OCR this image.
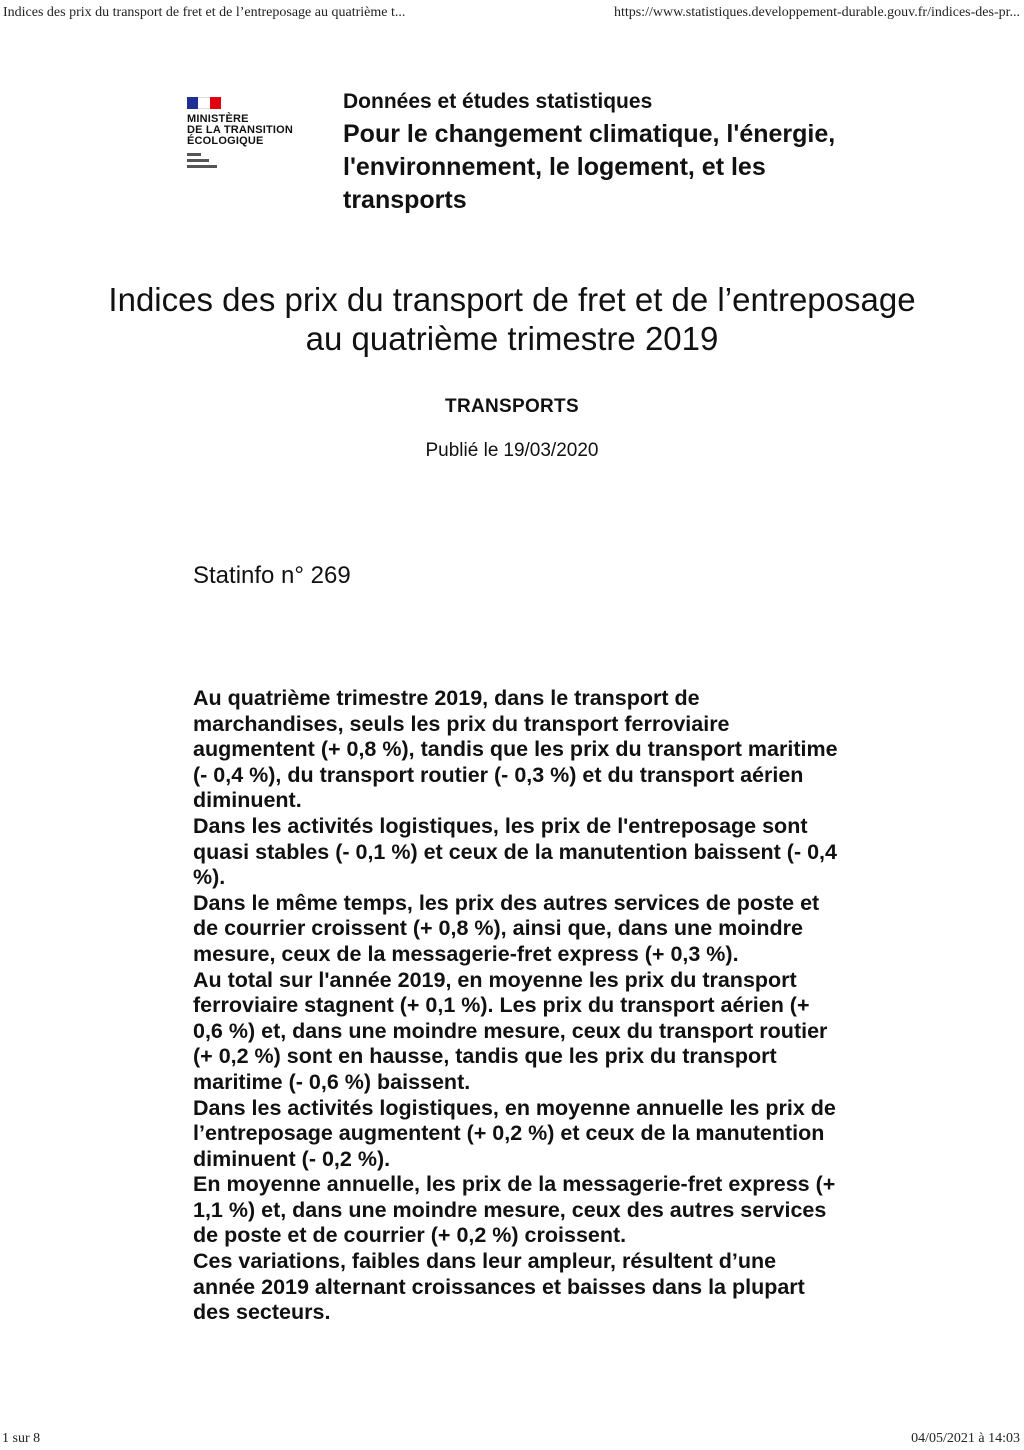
Indices des prix du transport de fret et de l’entreposage au quatrième t...	https://www.statistiques.developpement-durable.gouv.fr/indices-des-pr...
MINISTÈRE
DE LA TRANSITION
ÉCOLOGIQUE
Données et études statistiques
Pour le changement climatique, l'énergie, l'environnement, le logement, et les transports
Indices des prix du transport de fret et de l’entreposage
au quatrième trimestre 2019
TRANSPORTS
Publié le 19/03/2020
Statinfo n° 269

Au quatrième trimestre 2019, dans le transport de marchandises, seuls les prix du transport ferroviaire augmentent (+ 0,8 %), tandis que les prix du transport maritime (- 0,4 %), du transport routier (- 0,3 %) et du transport aérien diminuent.

Dans les activités logistiques, les prix de l'entreposage sont quasi stables (- 0,1 %) et ceux de la manutention baissent (- 0,4 %).

Dans le même temps, les prix des autres services de poste et de courrier croissent (+ 0,8 %), ainsi que, dans une moindre mesure, ceux de la messagerie-fret express (+ 0,3 %).

Au total sur l'année 2019, en moyenne les prix du transport ferroviaire stagnent (+ 0,1 %). Les prix du transport aérien (+ 0,6 %) et, dans une moindre mesure, ceux du transport routier (+ 0,2 %) sont en hausse, tandis que les prix du transport maritime (- 0,6 %) baissent.

Dans les activités logistiques, en moyenne annuelle les prix de l’entreposage augmentent (+ 0,2 %) et ceux de la manutention diminuent (- 0,2 %).

En moyenne annuelle, les prix de la messagerie-fret express (+ 1,1 %) et, dans une moindre mesure, ceux des autres services de poste et de courrier (+ 0,2 %) croissent.

Ces variations, faibles dans leur ampleur, résultent d’une année 2019 alternant croissances et baisses dans la plupart des secteurs.

1 sur 8	04/05/2021 à 14:03
